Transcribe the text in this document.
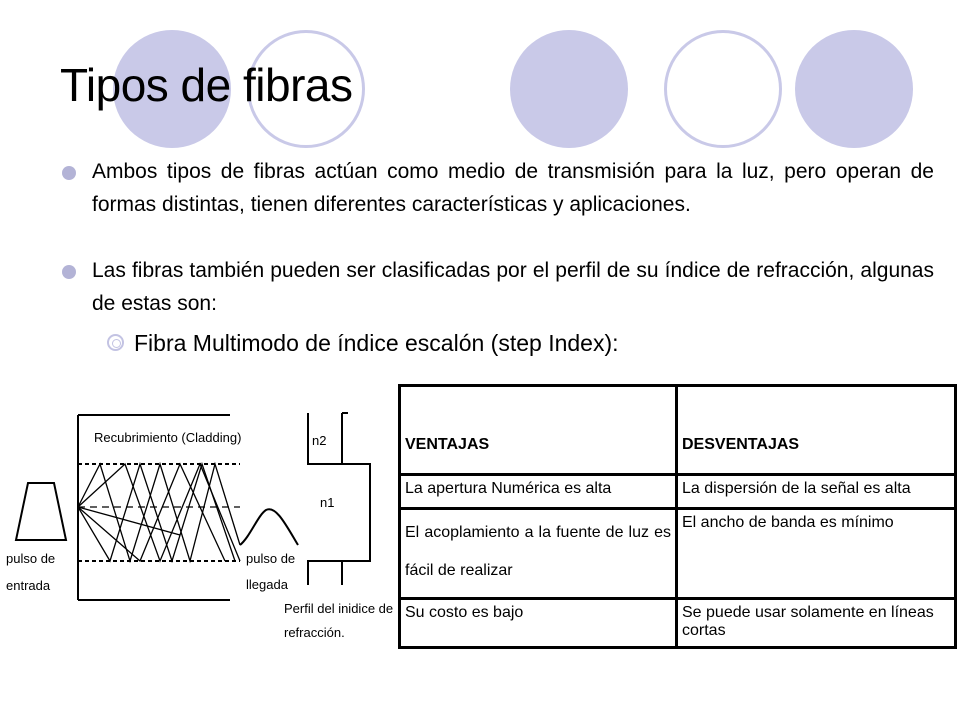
Tipos de fibras
Ambos tipos de fibras actúan como medio de transmisión para la luz, pero operan de formas distintas, tienen diferentes características y aplicaciones.
Las fibras también pueden ser clasificadas por el perfil de su índice de refracción, algunas de estas son:
Fibra Multimodo de índice escalón (step Index):
pulso de
entrada
Recubrimiento (Cladding)
pulso de
llegada
n2
n1
Perfil del inidice de
refracción.
VENTAJAS	DESVENTAJAS
La apertura Numérica es alta	La dispersión de la señal es alta
El acoplamiento a la fuente de luz es fácil de realizar	El ancho de banda es mínimo
Su costo es bajo	Se puede usar solamente en líneas cortas
